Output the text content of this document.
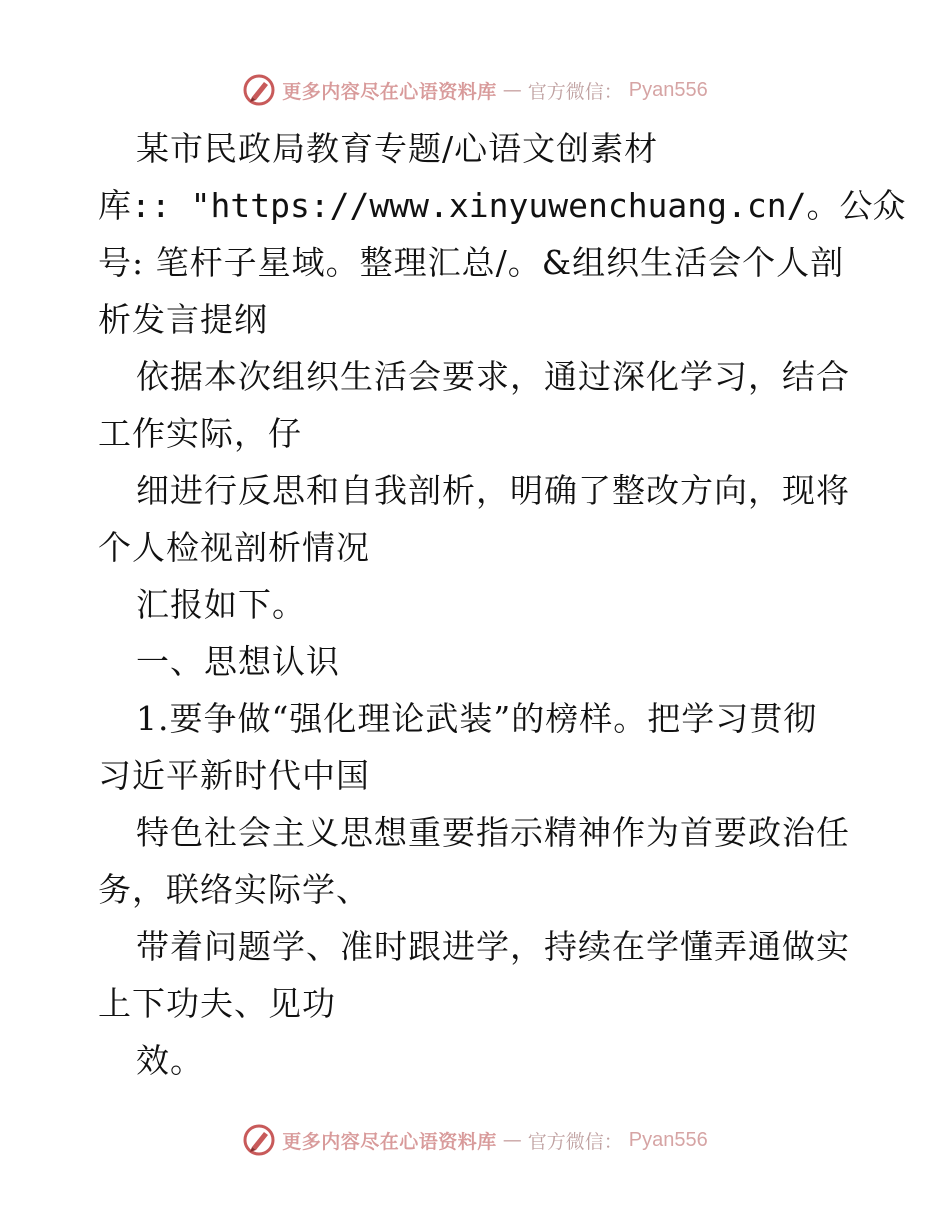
更多内容尽在心语资料库 — 官方微信： Pyan556
某市民政局教育专题/心语文创素材
库:: "https://www.xinyuwenchuang.cn/。公众
号: 笔杆子星域。整理汇总/。&组织生活会个人剖
析发言提纲
依据本次组织生活会要求，通过深化学习，结合
工作实际，仔
细进行反思和自我剖析，明确了整改方向，现将
个人检视剖析情况
汇报如下。
一、思想认识
1.要争做“强化理论武装”的榜样。把学习贯彻
习近平新时代中国
特色社会主义思想重要指示精神作为首要政治任
务，联络实际学、
带着问题学、准时跟进学，持续在学懂弄通做实
上下功夫、见功
效。
更多内容尽在心语资料库 — 官方微信： Pyan556
